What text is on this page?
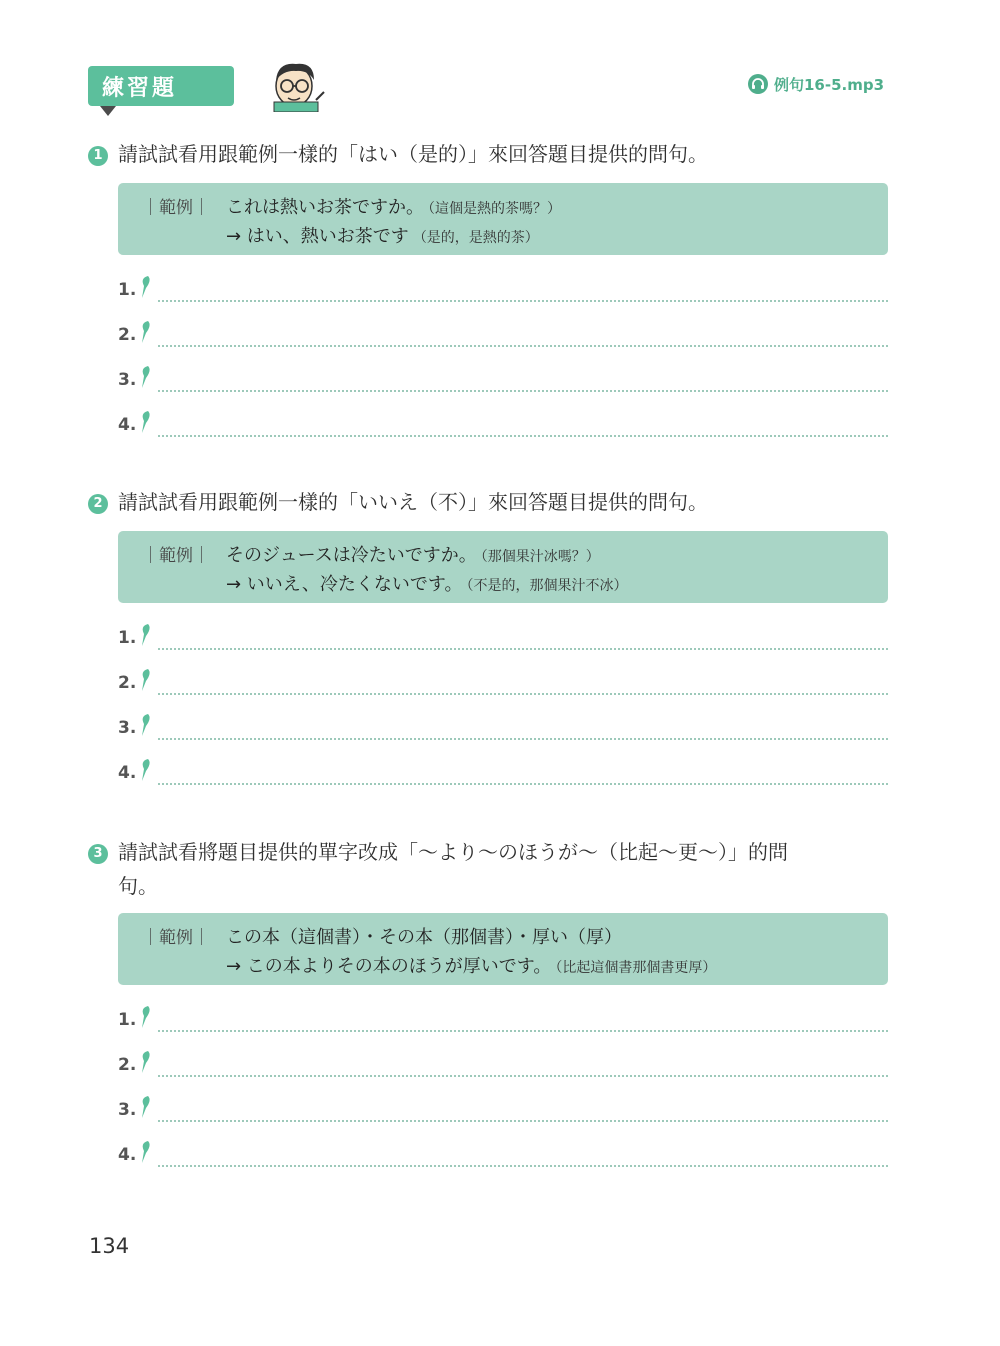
練習題	例句16-5.mp3
1 請試試看用跟範例一樣的「はい（是的）」來回答題目提供的問句。
｜範例｜ これは熱いお茶ですか。 （這個是熱的茶嗎？）
→ はい、熱いお茶です （是的，是熱的茶）
1.
2.
3.
4.
2 請試試看用跟範例一樣的「いいえ（不）」來回答題目提供的問句。
｜範例｜ そのジュースは冷たいですか。 （那個果汁冰嗎？）
→ いいえ、冷たくないです。 （不是的，那個果汁不冰）
1.
2.
3.
4.
3 請試試看將題目提供的單字改成「～より～のほうが～（比起～更～）」的問
句。
｜範例｜ この本（這個書）・その本（那個書）・厚い（厚）
→ この本よりその本のほうが厚いです。 （比起這個書那個書更厚）
1.
2.
3.
4.
134
